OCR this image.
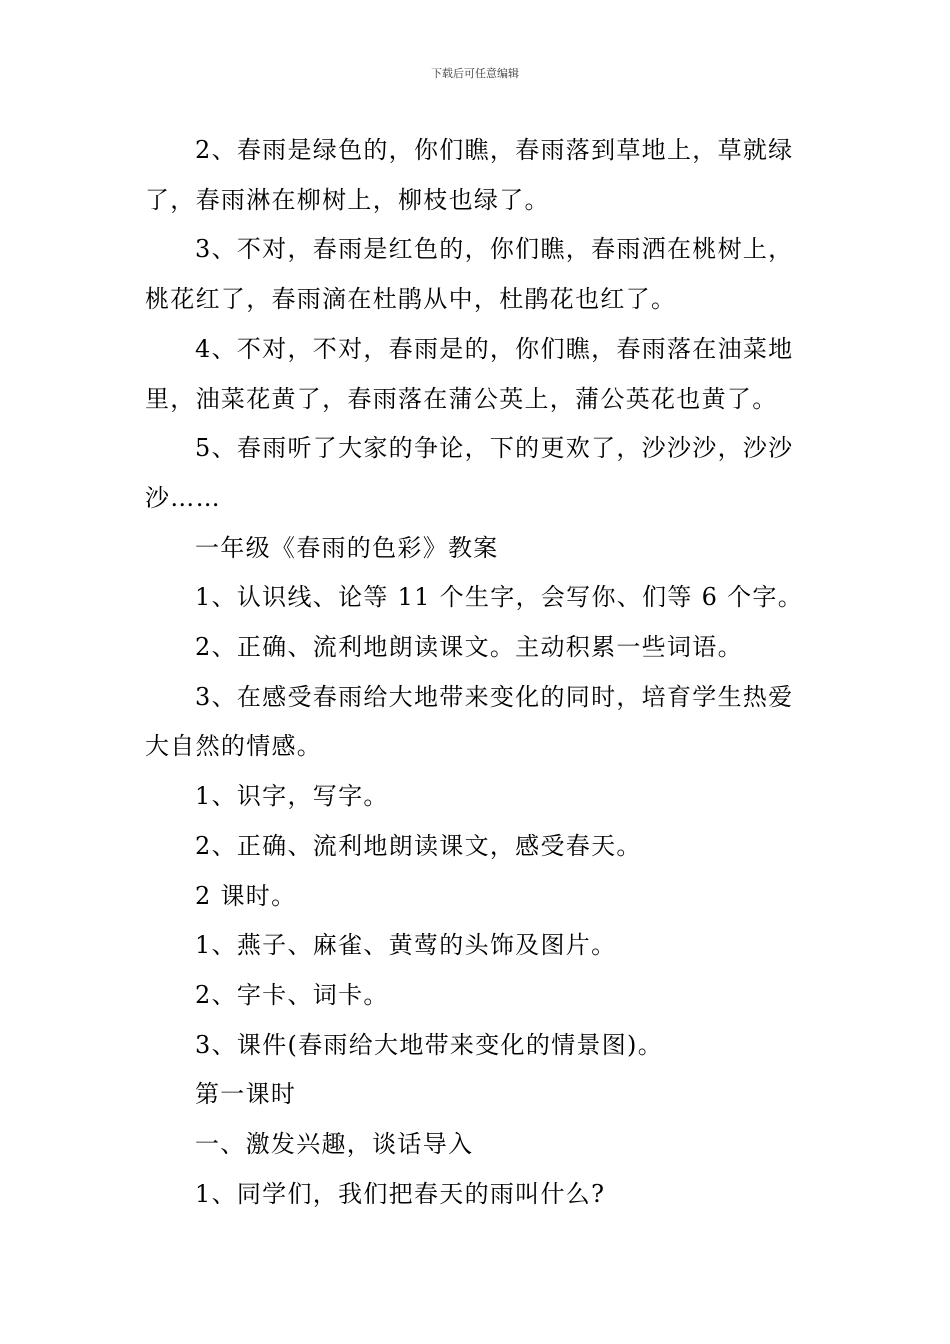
下载后可任意编辑

2、春雨是绿色的，你们瞧，春雨落到草地上，草就绿了，春雨淋在柳树上，柳枝也绿了。

3、不对，春雨是红色的，你们瞧，春雨洒在桃树上，桃花红了，春雨滴在杜鹃从中，杜鹃花也红了。

4、不对，不对，春雨是的，你们瞧，春雨落在油菜地里，油菜花黄了，春雨落在蒲公英上，蒲公英花也黄了。

5、春雨听了大家的争论，下的更欢了，沙沙沙，沙沙沙……

一年级《春雨的色彩》教案

1、认识线、论等 11 个生字，会写你、们等 6 个字。

2、正确、流利地朗读课文。主动积累一些词语。

3、在感受春雨给大地带来变化的同时，培育学生热爱大自然的情感。

1、识字，写字。

2、正确、流利地朗读课文，感受春天。

2 课时。

1、燕子、麻雀、黄莺的头饰及图片。

2、字卡、词卡。

3、课件(春雨给大地带来变化的情景图)。

第一课时

一、激发兴趣，谈话导入

1、同学们，我们把春天的雨叫什么?
